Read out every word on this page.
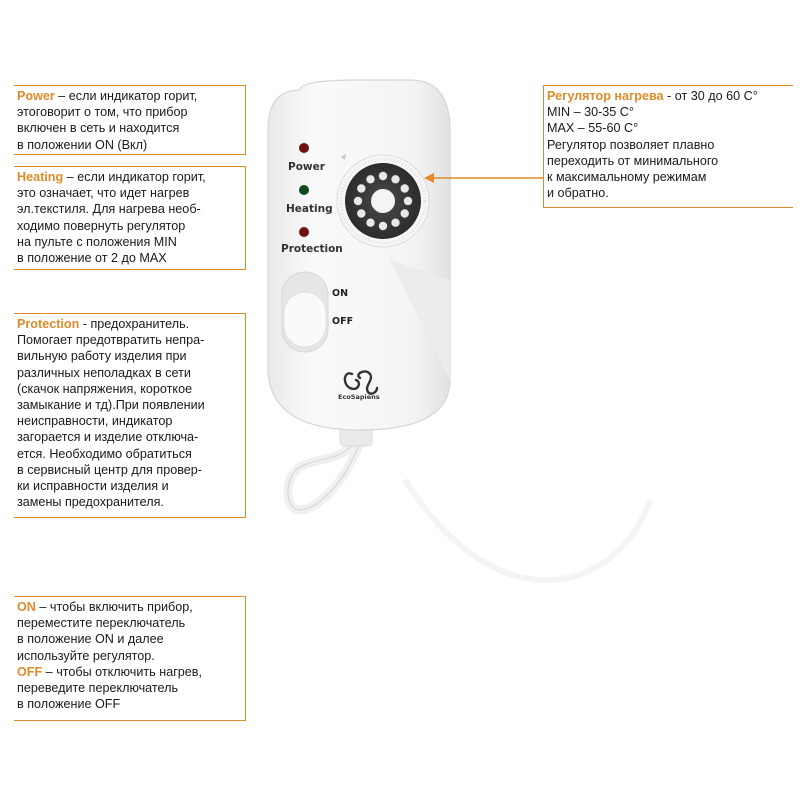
Power
Heating
Protection
ON
OFF
EcoSapiens
Power – если индикатор горит,
этоговорит о том, что прибор
включен в сеть и находится
в положении ON (Вкл)
Heating – если индикатор горит,
это означает, что идет нагрев
эл.текстиля. Для нагрева необ-
ходимо повернуть регулятор
на пульте с положения MIN
в положение от 2 до MAX
Protection - предохранитель.
Помогает предотвратить непра-
вильную работу изделия при
различных неполадках в сети
(скачок напряжения, короткое
замыкание и тд).При появлении
неисправности, индикатор
загорается и изделие отключа-
ется. Необходимо обратиться
в сервисный центр для провер-
ки исправности изделия и
замены предохранителя.
ON – чтобы включить прибор,
переместите переключатель
в положение ON и далее
используйте регулятор.
OFF – чтобы отключить нагрев,
переведите переключатель
в положение OFF
Регулятор нагрева - от 30 до 60 С°
MIN – 30-35 С°
MAX – 55-60 С°
Регулятор позволяет плавно
переходить от минимального
к максимальному режимам
и обратно.
